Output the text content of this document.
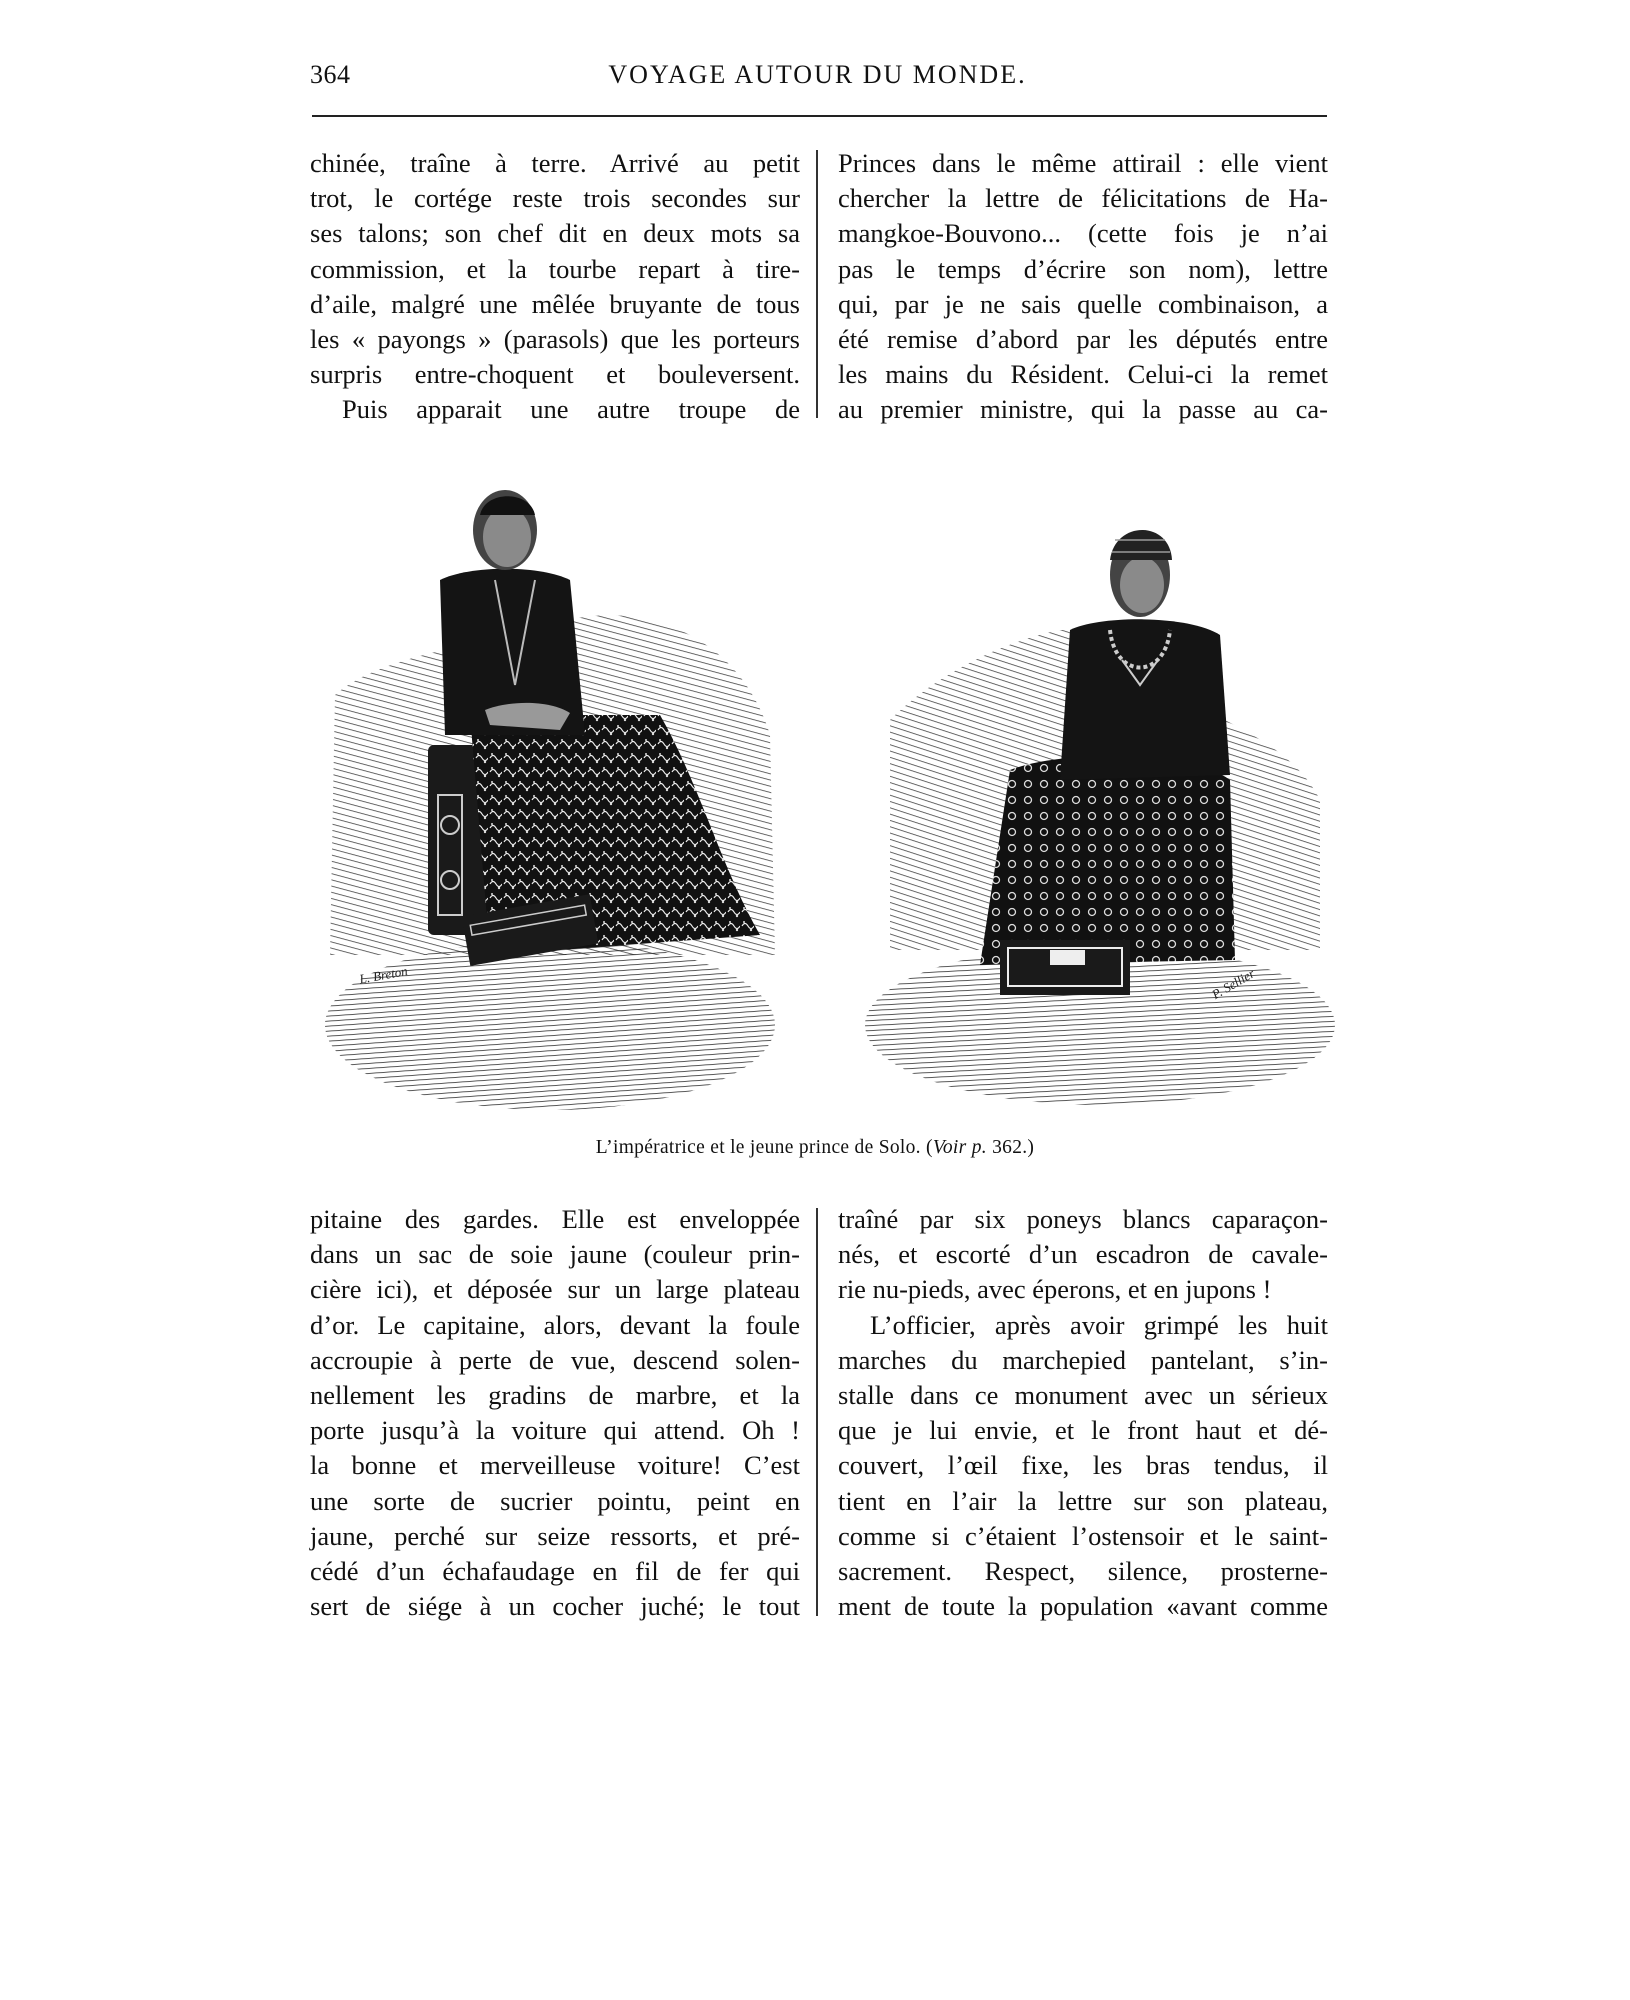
364	VOYAGE AUTOUR DU MONDE.
chinée, traîne à terre. Arrivé au petit
trot, le cortége reste trois secondes sur
ses talons; son chef dit en deux mots sa
commission, et la tourbe repart à tire-
d’aile, malgré une mêlée bruyante de tous
les « payongs » (parasols) que les porteurs
surpris entre-choquent et bouleversent.
Puis apparait une autre troupe de
Princes dans le même attirail : elle vient
chercher la lettre de félicitations de Ha-
mangkoe-Bouvono... (cette fois je n’ai
pas le temps d’écrire son nom), lettre
qui, par je ne sais quelle combinaison, a
été remise d’abord par les députés entre
les mains du Résident. Celui-ci la remet
au premier ministre, qui la passe au ca-
L. Breton	P. Sellier
L’impératrice et le jeune prince de Solo. (Voir p. 362.)
pitaine des gardes. Elle est enveloppée
dans un sac de soie jaune (couleur prin-
cière ici), et déposée sur un large plateau
d’or. Le capitaine, alors, devant la foule
accroupie à perte de vue, descend solen-
nellement les gradins de marbre, et la
porte jusqu’à la voiture qui attend. Oh !
la bonne et merveilleuse voiture! C’est
une sorte de sucrier pointu, peint en
jaune, perché sur seize ressorts, et pré-
cédé d’un échafaudage en fil de fer qui
sert de siége à un cocher juché; le tout
traîné par six poneys blancs caparaçon-
nés, et escorté d’un escadron de cavale-
rie nu-pieds, avec éperons, et en jupons !
L’officier, après avoir grimpé les huit
marches du marchepied pantelant, s’in-
stalle dans ce monument avec un sérieux
que je lui envie, et le front haut et dé-
couvert, l’œil fixe, les bras tendus, il
tient en l’air la lettre sur son plateau,
comme si c’étaient l’ostensoir et le saint-
sacrement. Respect, silence, prosterne-
ment de toute la population «avant comme
